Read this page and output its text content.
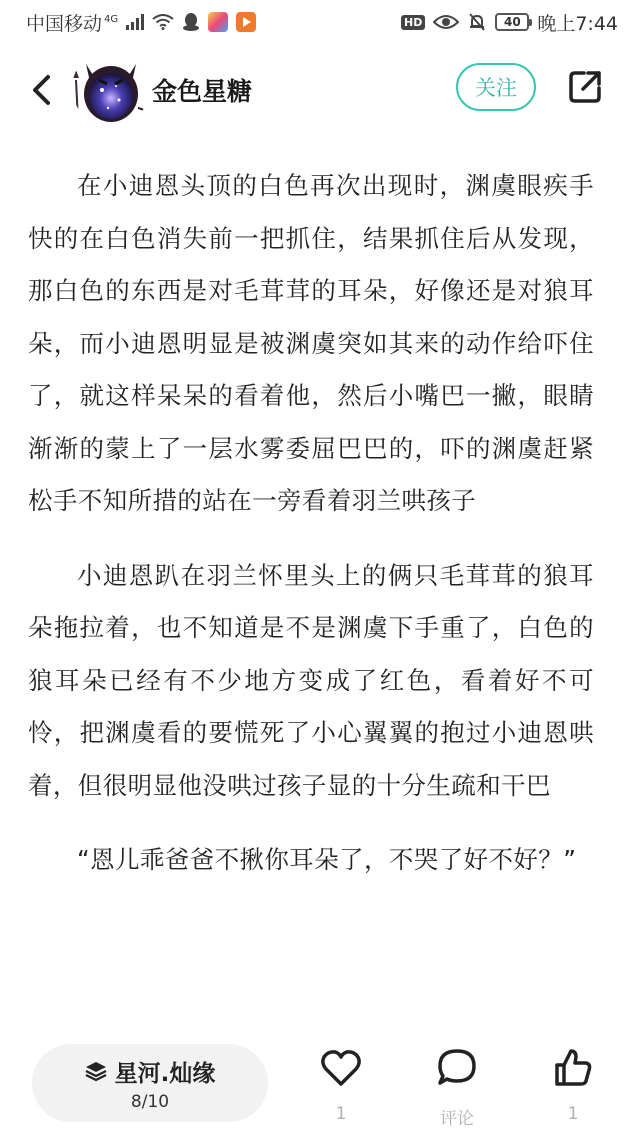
中国移动 $^{4G}$	HD	40 晚上7:44
金色星糖	关注

在小迪恩头顶的白色再次出现时，渊虞眼疾手快的在白色消失前一把抓住，结果抓住后从发现，那白色的东西是对毛茸茸的耳朵，好像还是对狼耳朵，而小迪恩明显是被渊虞突如其来的动作给吓住了，就这样呆呆的看着他，然后小嘴巴一撇，眼睛渐渐的蒙上了一层水雾委屈巴巴的，吓的渊虞赶紧松手不知所措的站在一旁看着羽兰哄孩子

小迪恩趴在羽兰怀里头上的俩只毛茸茸的狼耳朵拖拉着，也不知道是不是渊虞下手重了，白色的狼耳朵已经有不少地方变成了红色，看着好不可怜，把渊虞看的要慌死了小心翼翼的抱过小迪恩哄着，但很明显他没哄过孩子显的十分生疏和干巴

“恩儿乖爸爸不揪你耳朵了，不哭了好不好？”

星河.灿缘
8/10
1	评论	1
